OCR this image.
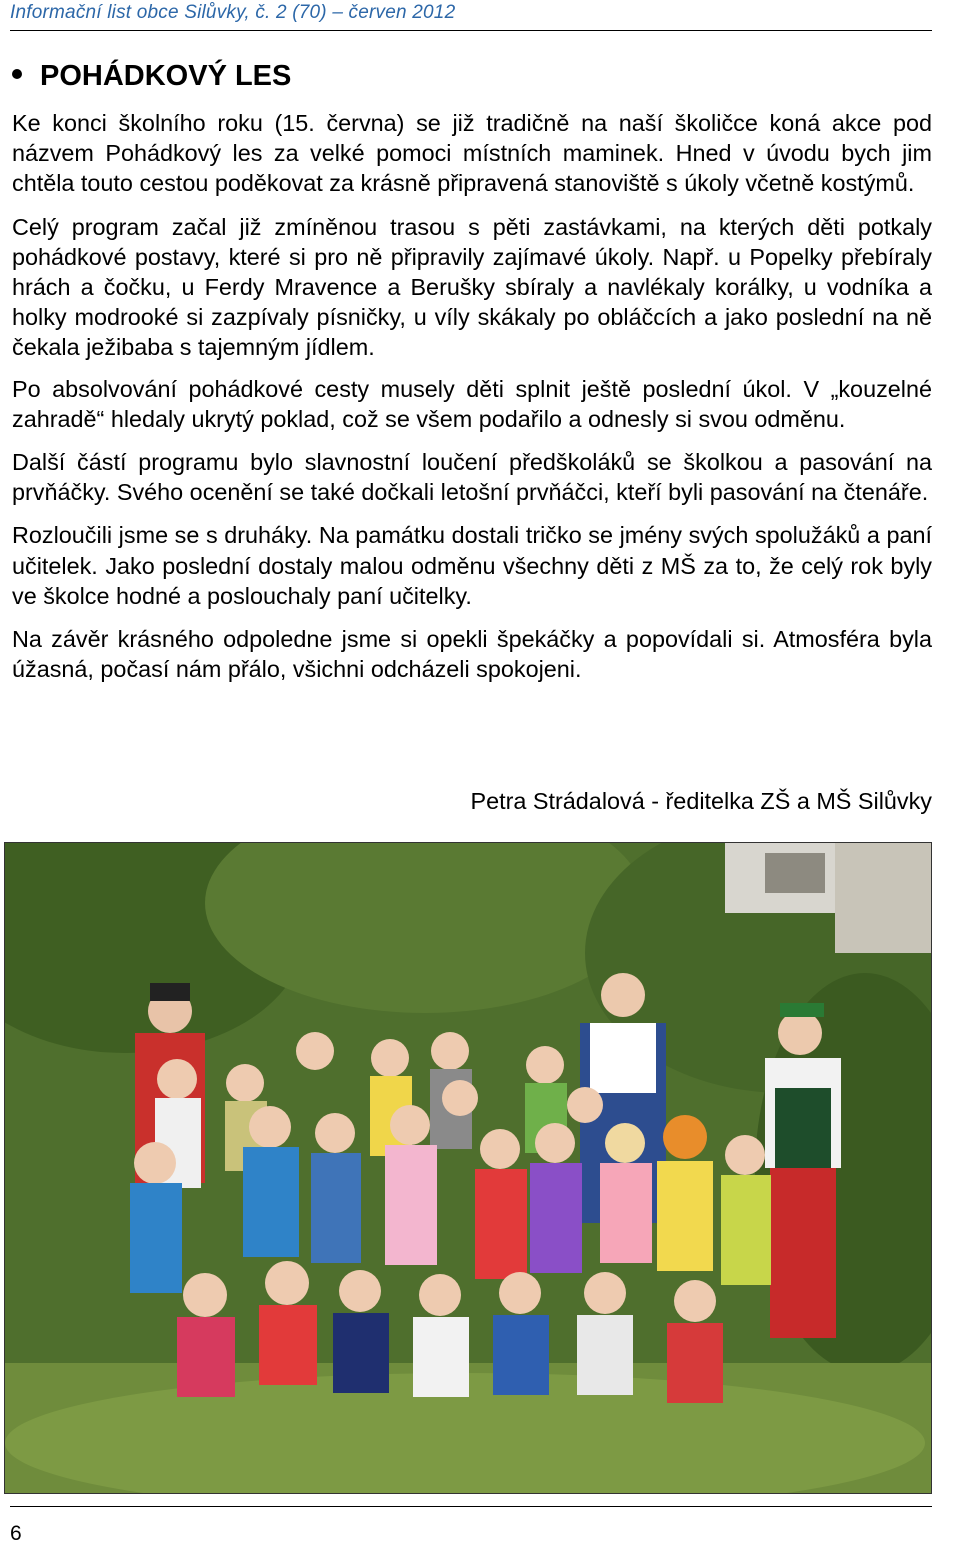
Informační list obce Silůvky, č. 2 (70) – červen 2012
POHÁDKOVÝ LES

Ke konci školního roku (15. června) se již tradičně na naší školičce koná akce pod názvem Pohádkový les za velké pomoci místních maminek. Hned v úvodu bych jim chtěla touto cestou poděkovat za krásně připravená stanoviště s úkoly včetně kostýmů.

Celý program začal již zmíněnou trasou s pěti zastávkami, na kterých děti potkaly pohádkové postavy, které si pro ně připravily zajímavé úkoly. Např. u Popelky přebíraly hrách a čočku, u Ferdy Mravence a Berušky sbíraly a navlékaly korálky, u vodníka a holky modrooké si zazpívaly písničky, u víly skákaly po obláčcích a jako poslední na ně čekala ježibaba s tajemným jídlem.

Po absolvování pohádkové cesty musely děti splnit ještě poslední úkol. V „kouzelné zahradě“ hledaly ukrytý poklad, což se všem podařilo a odnesly si svou odměnu.

Další částí programu bylo slavnostní loučení předškoláků se školkou a pasování na prvňáčky. Svého ocenění se také dočkali letošní prvňáčci, kteří byli pasování na čtenáře.

Rozloučili jsme se s druháky. Na památku dostali tričko se jmény svých spolužáků a paní učitelek. Jako poslední dostaly malou odměnu všechny děti z MŠ za to, že celý rok byly ve školce hodné a poslouchaly paní učitelky.

Na závěr krásného odpoledne jsme si opekli špekáčky a popovídali si. Atmosféra byla úžasná, počasí nám přálo, všichni odcházeli spokojeni.

Petra Strádalová - ředitelka ZŠ a MŠ Silůvky
6
